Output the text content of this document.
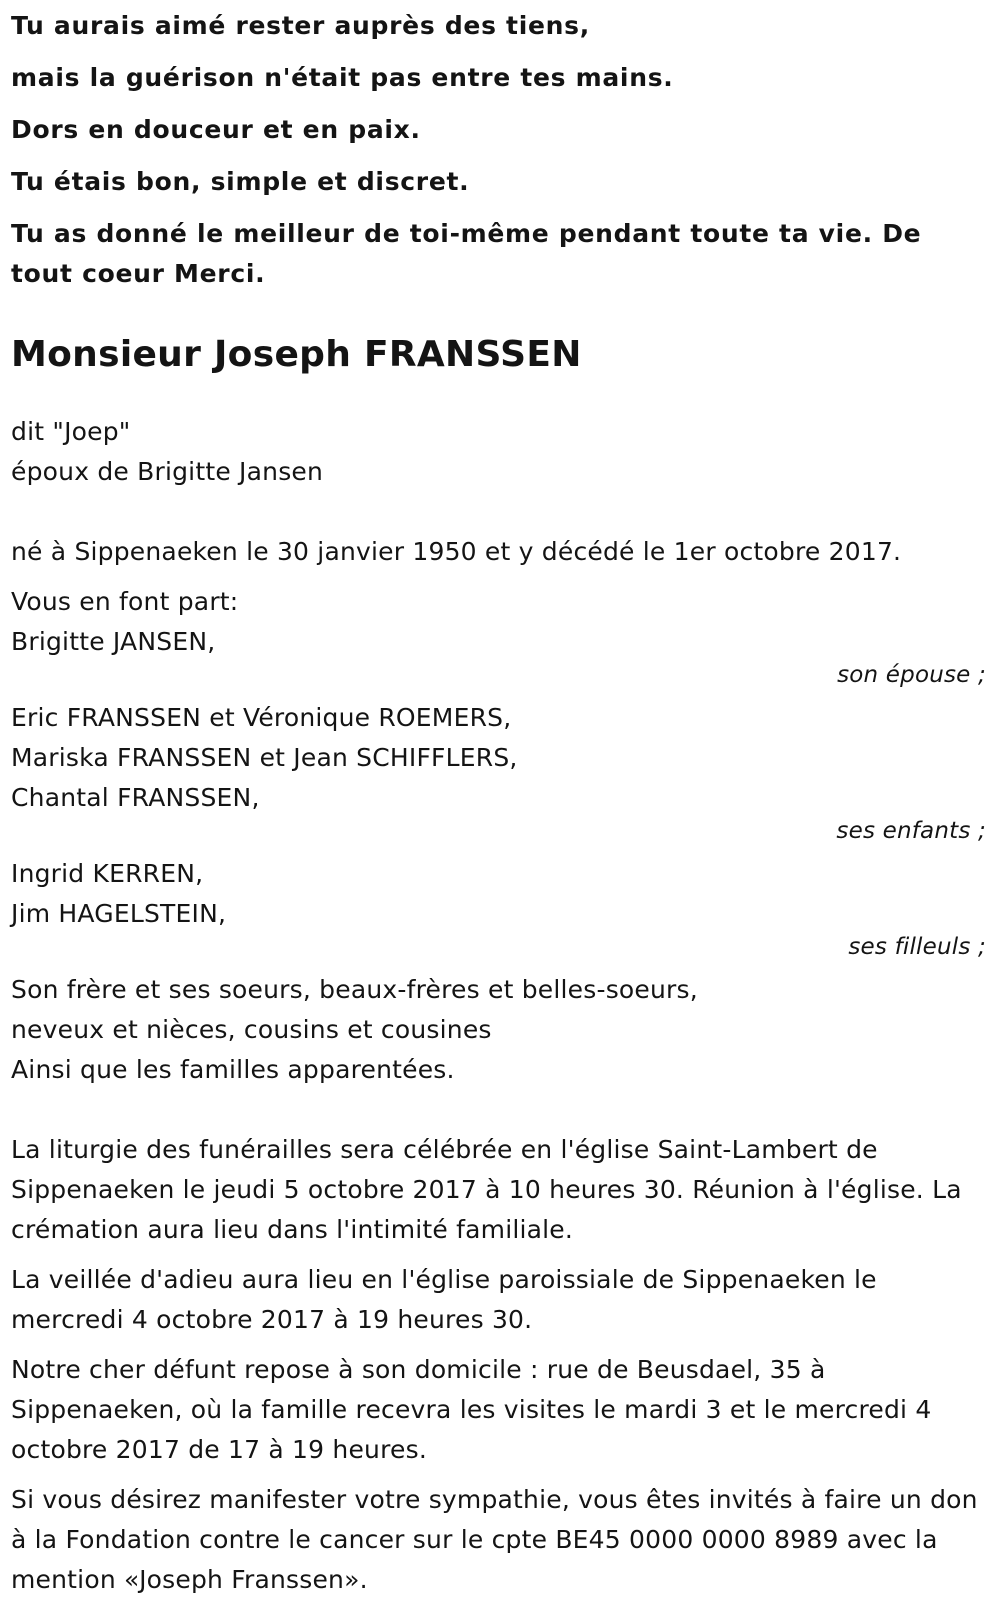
Tu aurais aimé rester auprès des tiens,

mais la guérison n'était pas entre tes mains.

Dors en douceur et en paix.

Tu étais bon, simple et discret.

Tu as donné le meilleur de toi-même pendant toute ta vie. De tout coeur Merci.

Monsieur Joseph FRANSSEN
dit "Joep"
époux de Brigitte Jansen
né à Sippenaeken le 30 janvier 1950 et y décédé le 1er octobre 2017.
Vous en font part:
Brigitte JANSEN,
son épouse ;
Eric FRANSSEN et Véronique ROEMERS,
Mariska FRANSSEN et Jean SCHIFFLERS,
Chantal FRANSSEN,
ses enfants ;
Ingrid KERREN,
Jim HAGELSTEIN,
ses filleuls ;
Son frère et ses soeurs, beaux-frères et belles-soeurs,
neveux et nièces, cousins et cousines
Ainsi que les familles apparentées.

La liturgie des funérailles sera célébrée en l'église Saint-Lambert de Sippenaeken le jeudi 5 octobre 2017 à 10 heures 30. Réunion à l'église. La crémation aura lieu dans l'intimité familiale.

La veillée d'adieu aura lieu en l'église paroissiale de Sippenaeken le mercredi 4 octobre 2017 à 19 heures 30.

Notre cher défunt repose à son domicile : rue de Beusdael, 35 à Sippenaeken, où la famille recevra les visites le mardi 3 et le mercredi 4 octobre 2017 de 17 à 19 heures.

Si vous désirez manifester votre sympathie, vous êtes invités à faire un don à la Fondation contre le cancer sur le cpte BE45 0000 0000 8989 avec la mention «Joseph Franssen».
